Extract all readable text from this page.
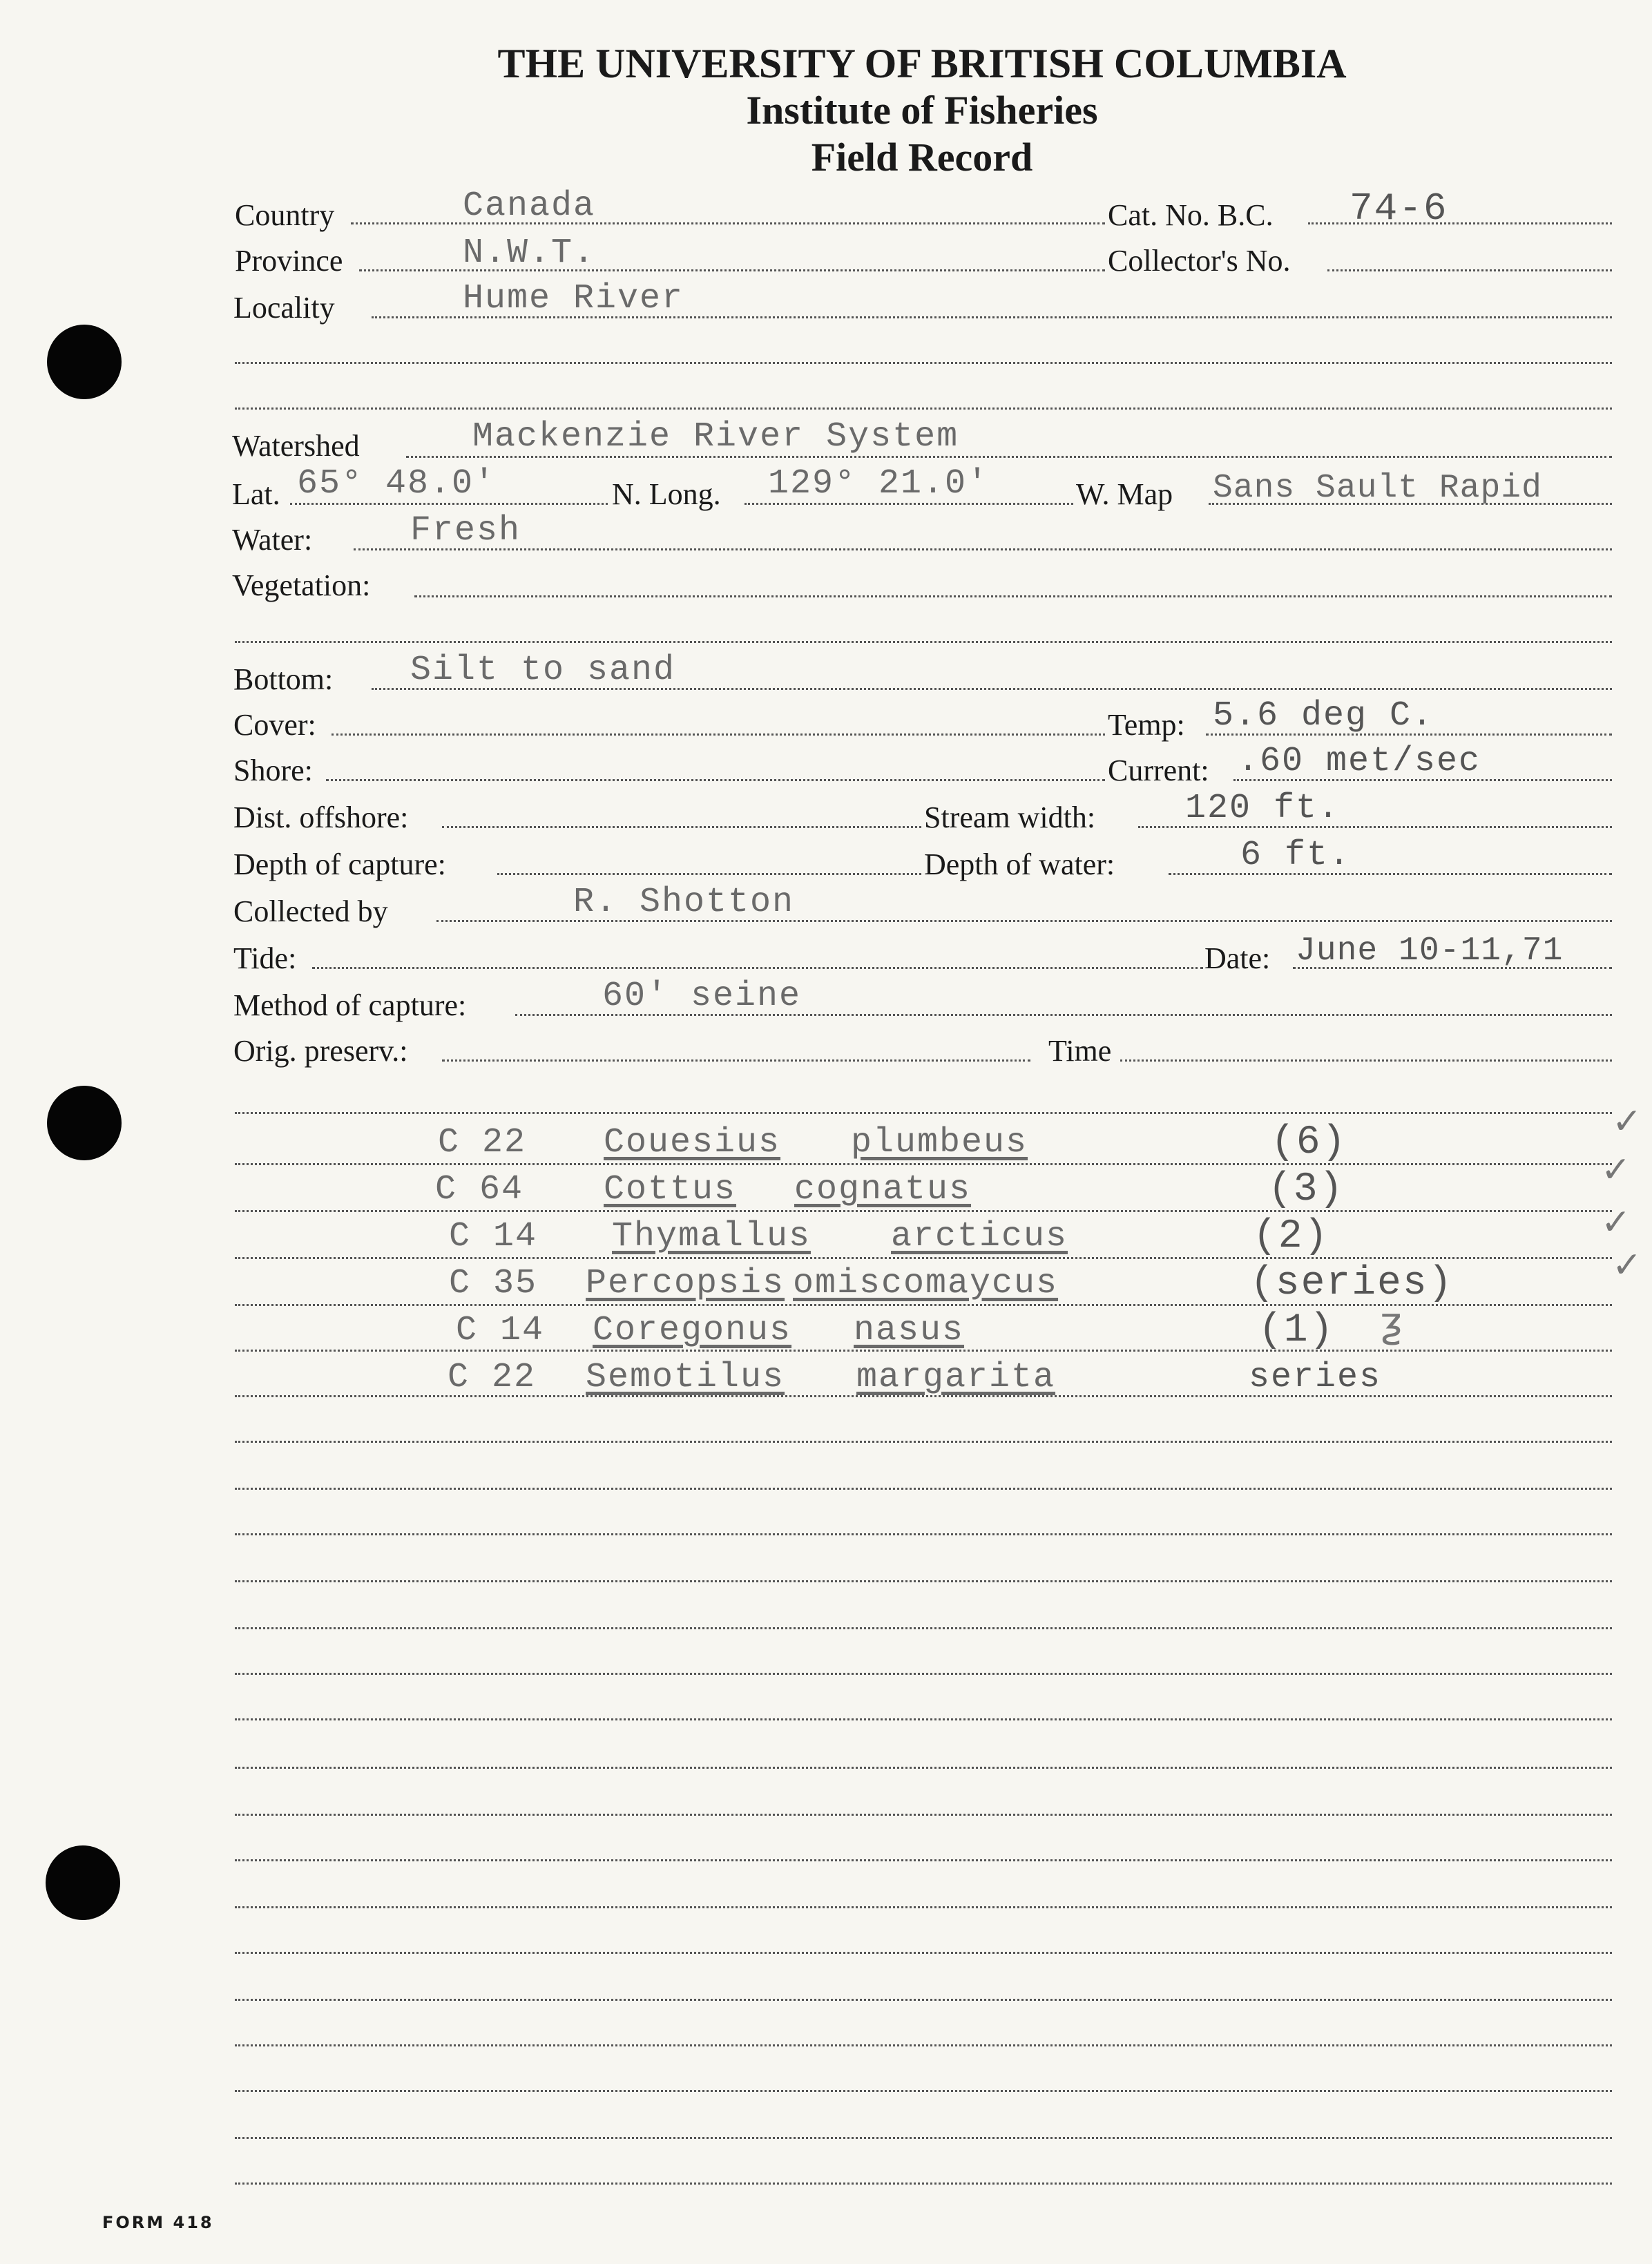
THE UNIVERSITY OF BRITISH COLUMBIA
Institute of Fisheries
Field Record
Country	Canada	Cat. No. B.C. 74-6
Province	N.W.T.	Collector's No.
Locality	Hume River
Watershed	Mackenzie River System
Lat. 65° 48.0'	N. Long. 129° 21.0'	W. Map Sans Sault Rapid
Water:	Fresh
Vegetation:
Bottom: Silt to sand
Cover:	Temp: 5.6 deg C.
Shore:	Current: .60 met/sec
Dist. offshore:	Stream width:	120 ft.
Depth of capture:	Depth of water:	6 ft.
Collected by	R. Shotton
Tide:	Date: June 10-11,71
Method of capture:	60' seine
Orig. preserv.:	Time
C 22 Couesius plumbeus	(6)	✓
C 64 Cottus cognatus	(3)	✓
C 14 Thymallus arcticus	(2)	✓
C 35 Percopsis omiscomaycus	(series)	✓
C 14 Coregonus nasus	(1) ƺ
C 22 Semotilus margarita	series
FORM 418
